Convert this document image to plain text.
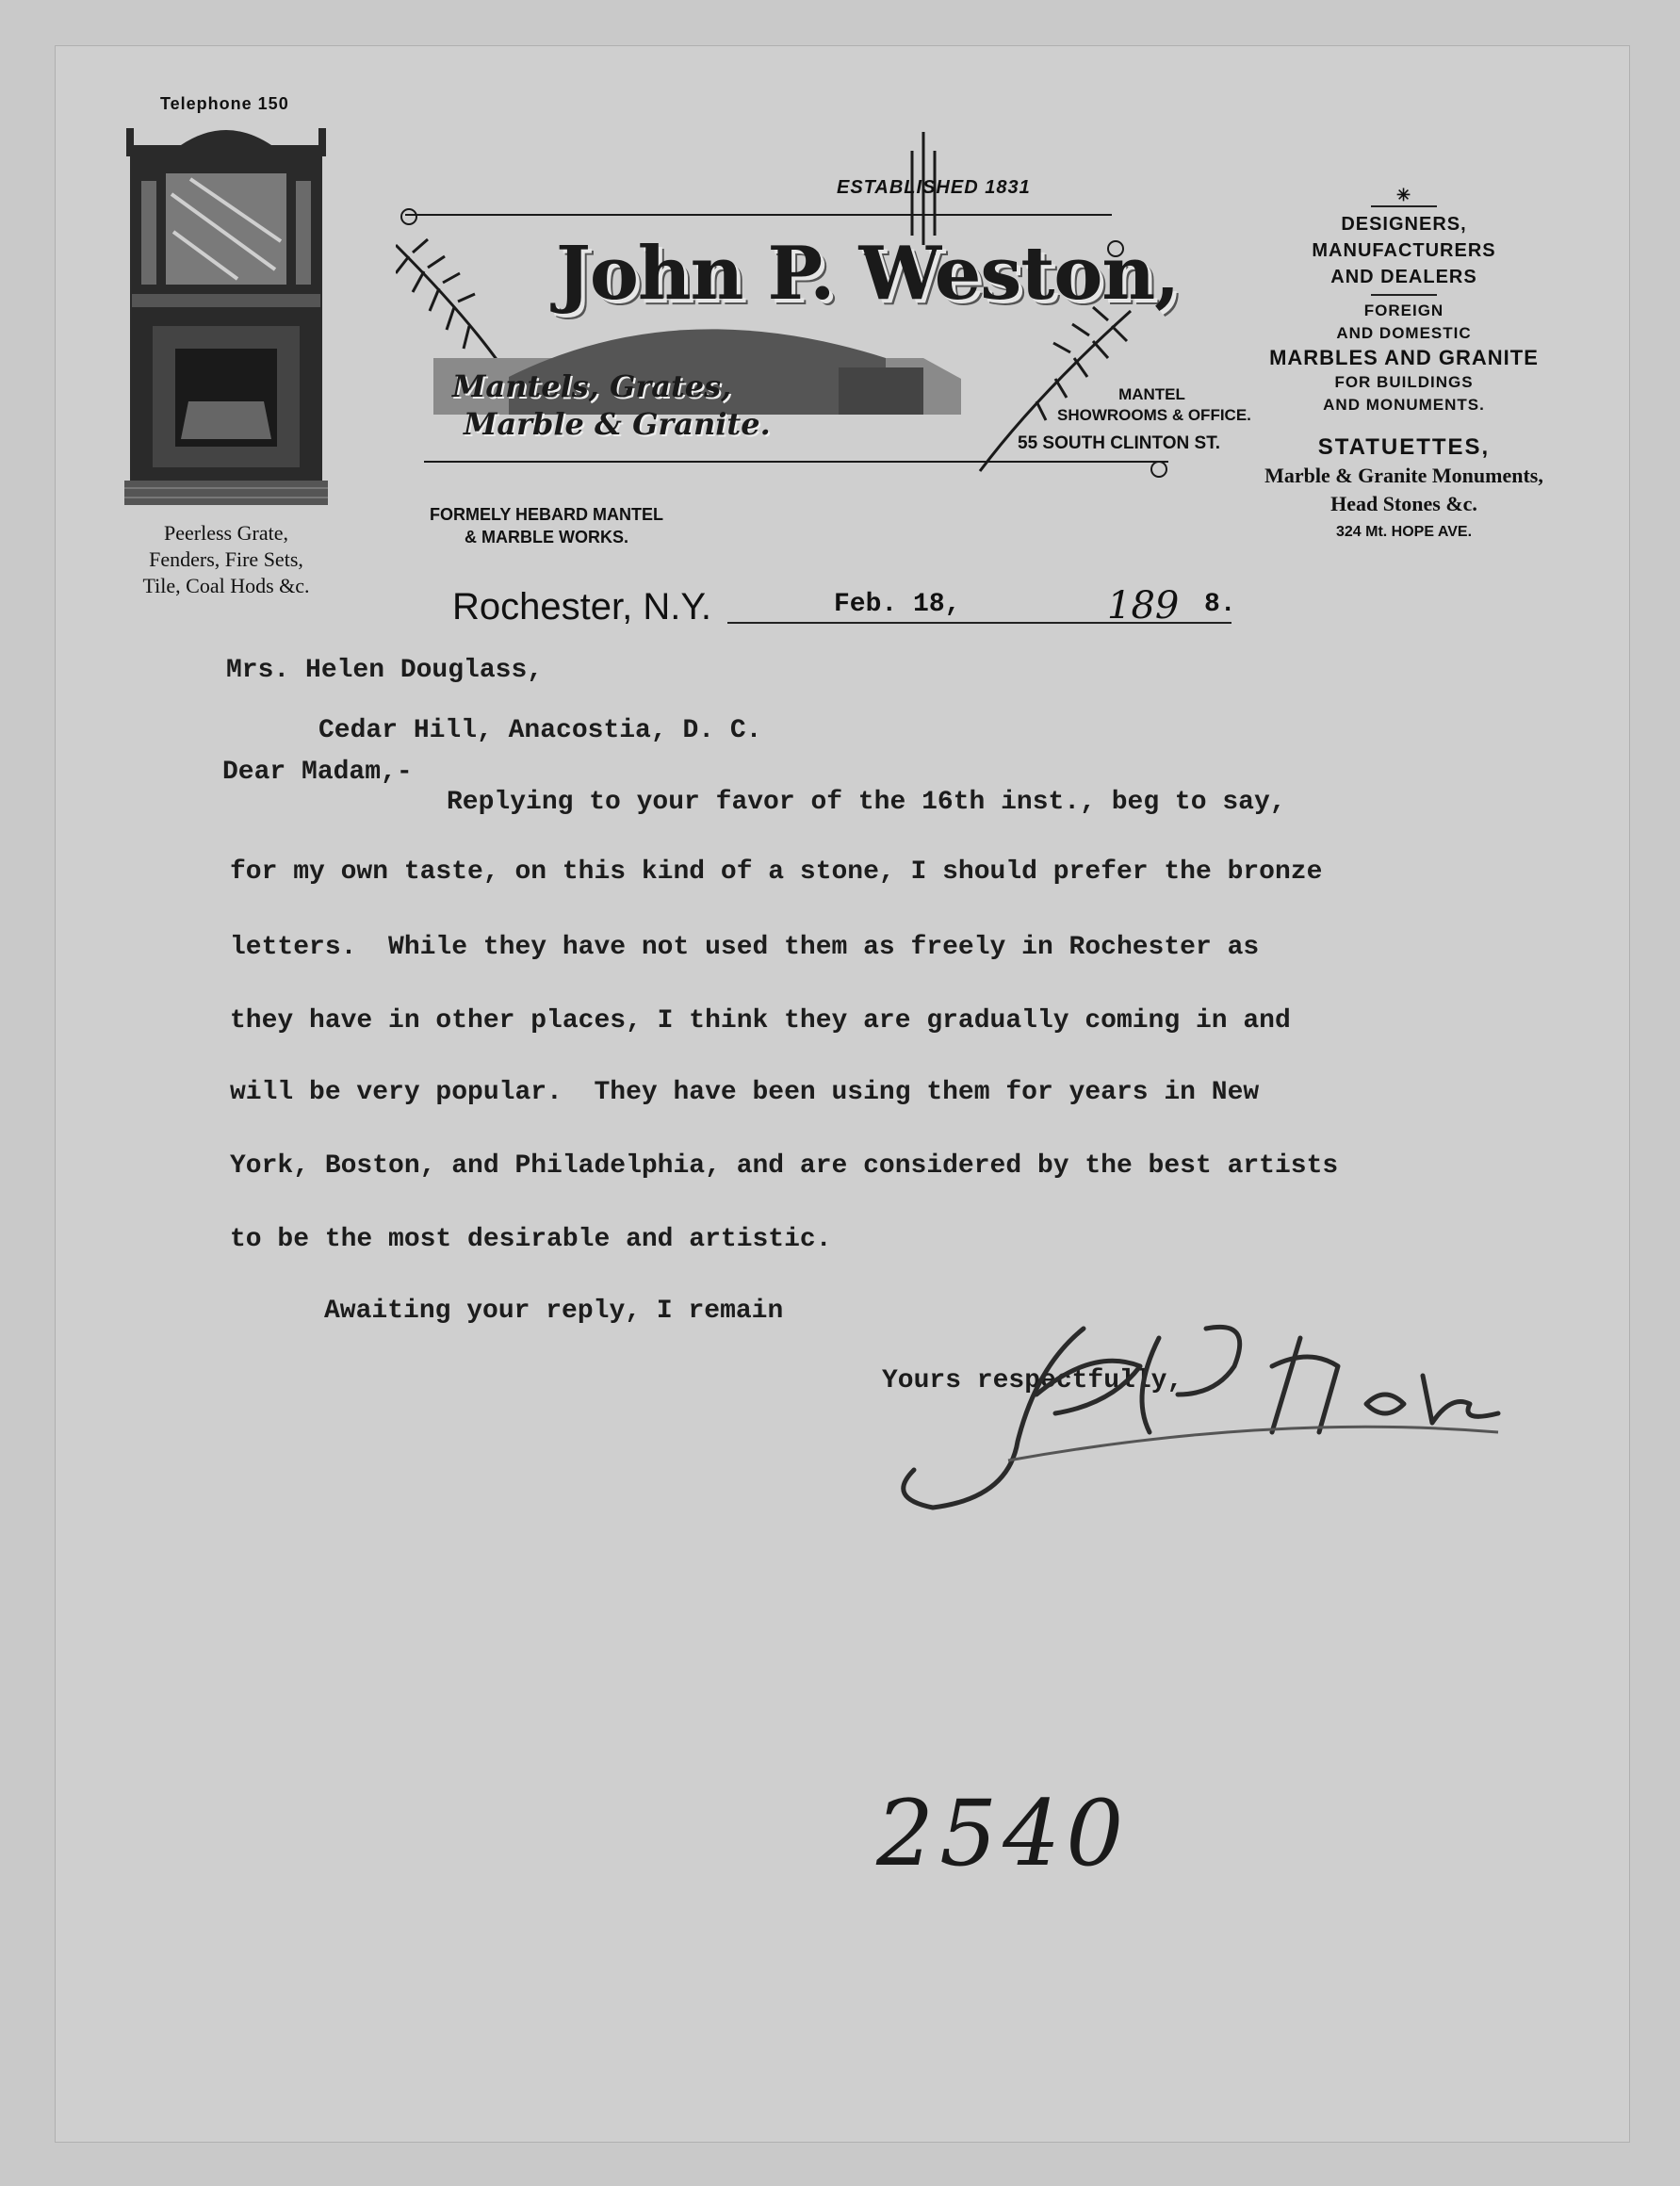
Telephone 150
Peerless Grate,
Fenders, Fire Sets,
Tile, Coal Hods &c.
ESTABLISHED 1831
John P. Weston,
Mantels, Grates,
Marble & Granite.
MANTEL
SHOWROOMS & OFFICE.
55 SOUTH CLINTON ST.
FORMELY HEBARD MANTEL
& MARBLE WORKS.
✳
DESIGNERS,
MANUFACTURERS
AND DEALERS
FOREIGN
AND DOMESTIC
MARBLES AND GRANITE
FOR BUILDINGS
AND MONUMENTS.
STATUETTES,
Marble & Granite Monuments,
Head Stones &c.
324 Mt. HOPE AVE.
Rochester, N.Y.	Feb. 18,	189 8.
Mrs. Helen Douglass,
Cedar Hill, Anacostia, D. C.
Dear Madam,-
Replying to your favor of the 16th inst., beg to say,
for my own taste, on this kind of a stone, I should prefer the bronze
letters.  While they have not used them as freely in Rochester as
they have in other places, I think they are gradually coming in and
will be very popular.  They have been using them for years in New
York, Boston, and Philadelphia, and are considered by the best artists
to be the most desirable and artistic.
Awaiting your reply, I remain
Yours respectfully,
2540
